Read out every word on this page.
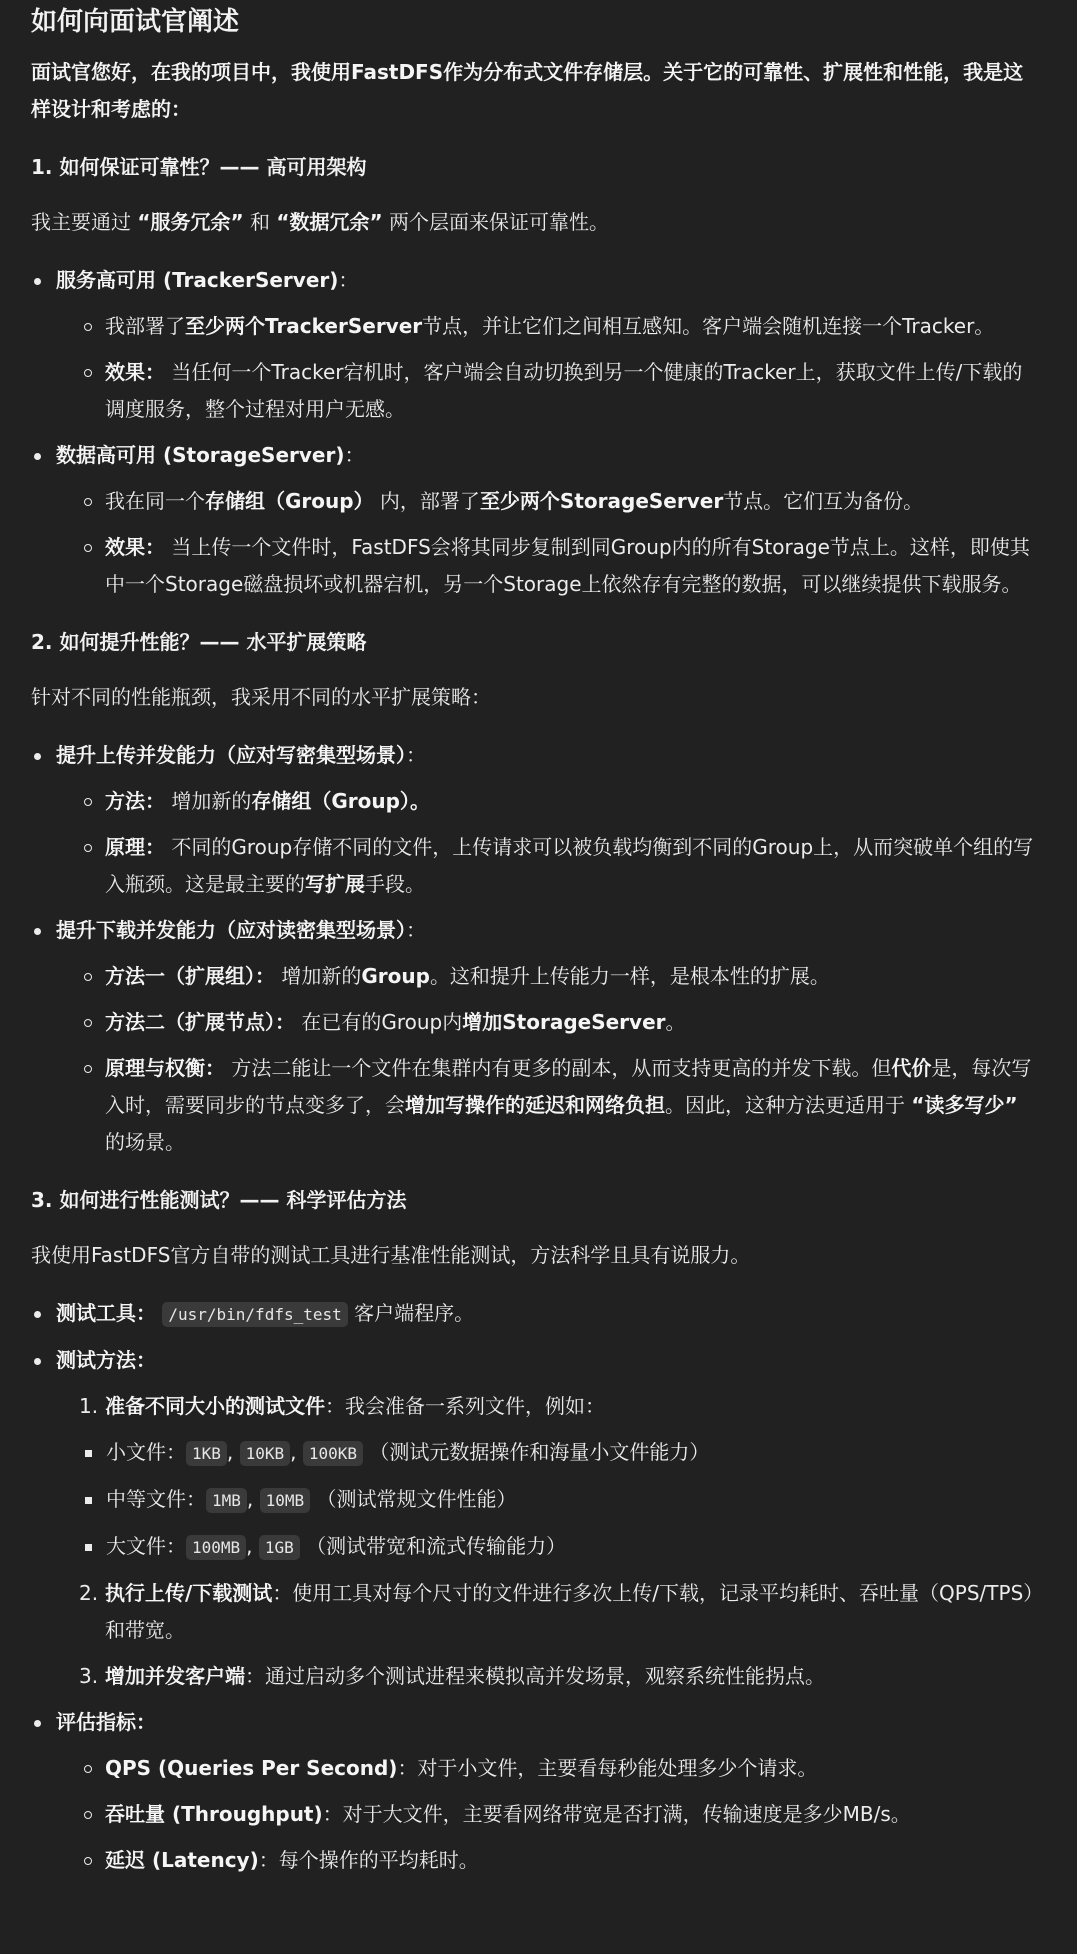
如何向面试官阐述

面试官您好，在我的项目中，我使用FastDFS作为分布式文件存储层。关于它的可靠性、扩展性和性能，我是这样设计和考虑的：

1. 如何保证可靠性？—— 高可用架构

我主要通过 “服务冗余” 和 “数据冗余” 两个层面来保证可靠性。

服务高可用 (TrackerServer)：
我部署了至少两个TrackerServer节点，并让它们之间相互感知。客户端会随机连接一个Tracker。
效果： 当任何一个Tracker宕机时，客户端会自动切换到另一个健康的Tracker上，获取文件上传/下载的调度服务，整个过程对用户无感。
数据高可用 (StorageServer)：
我在同一个存储组（Group） 内，部署了至少两个StorageServer节点。它们互为备份。
效果： 当上传一个文件时，FastDFS会将其同步复制到同Group内的所有Storage节点上。这样，即使其中一个Storage磁盘损坏或机器宕机，另一个Storage上依然存有完整的数据，可以继续提供下载服务。
2. 如何提升性能？—— 水平扩展策略

针对不同的性能瓶颈，我采用不同的水平扩展策略：

提升上传并发能力（应对写密集型场景）：
方法： 增加新的存储组（Group）。
原理： 不同的Group存储不同的文件，上传请求可以被负载均衡到不同的Group上，从而突破单个组的写入瓶颈。这是最主要的写扩展手段。
提升下载并发能力（应对读密集型场景）：
方法一（扩展组）： 增加新的Group。这和提升上传能力一样，是根本性的扩展。
方法二（扩展节点）： 在已有的Group内增加StorageServer。
原理与权衡： 方法二能让一个文件在集群内有更多的副本，从而支持更高的并发下载。但代价是，每次写入时，需要同步的节点变多了，会增加写操作的延迟和网络负担。因此，这种方法更适用于 “读多写少” 的场景。
3. 如何进行性能测试？—— 科学评估方法

我使用FastDFS官方自带的测试工具进行基准性能测试，方法科学且具有说服力。

测试工具： /usr/bin/fdfs_test 客户端程序。
测试方法：
1. 准备不同大小的测试文件：我会准备一系列文件，例如：
小文件： 1KB , 10KB , 100KB （测试元数据操作和海量小文件能力）
中等文件： 1MB , 10MB （测试常规文件性能）
大文件： 100MB , 1GB （测试带宽和流式传输能力）
2. 执行上传/下载测试：使用工具对每个尺寸的文件进行多次上传/下载，记录平均耗时、吞吐量（QPS/TPS）和带宽。
3. 增加并发客户端：通过启动多个测试进程来模拟高并发场景，观察系统性能拐点。
评估指标：
QPS (Queries Per Second)：对于小文件，主要看每秒能处理多少个请求。
吞吐量 (Throughput)：对于大文件，主要看网络带宽是否打满，传输速度是多少MB/s。
延迟 (Latency)：每个操作的平均耗时。
